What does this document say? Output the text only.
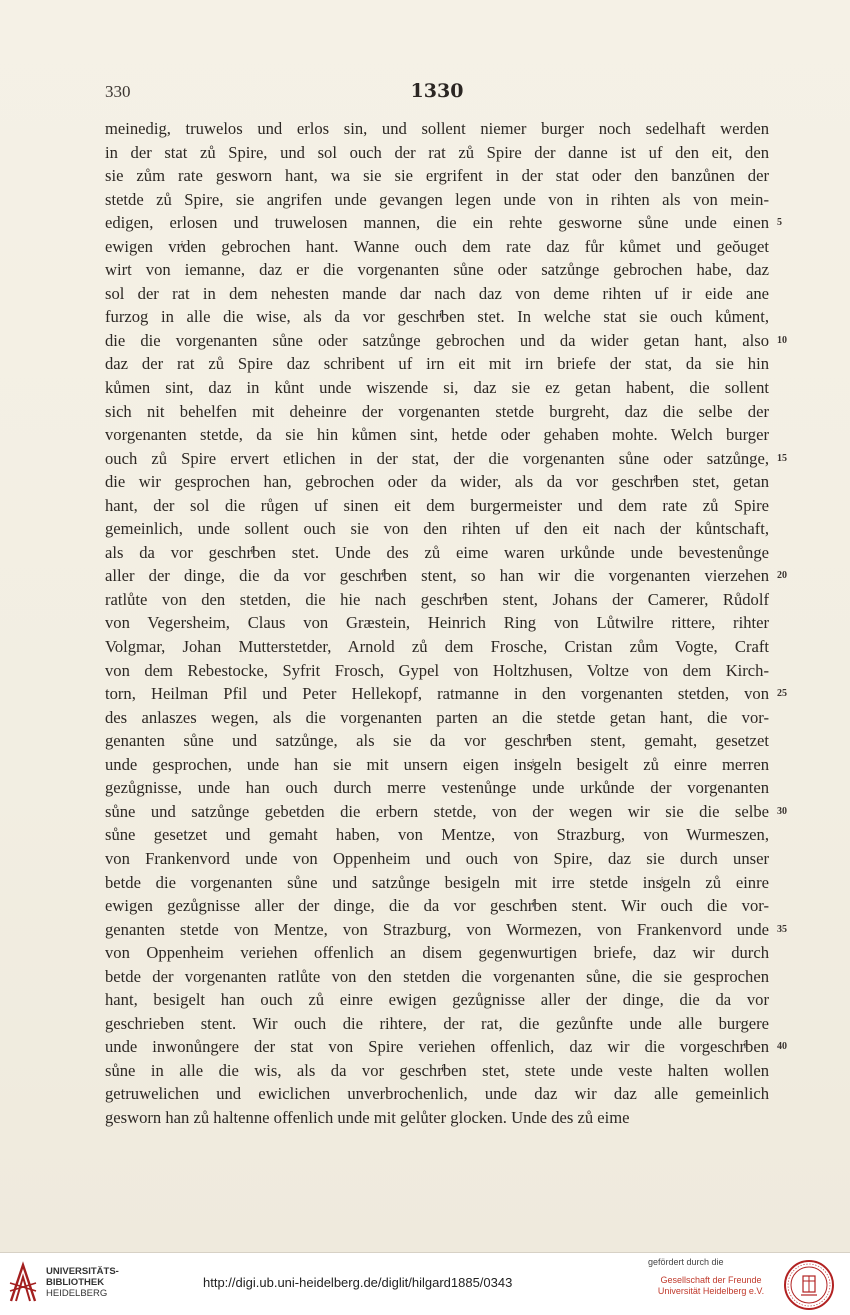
330	1330
meinedig, truwelos und erlos sin, und sollent niemer burger noch sedelhaft werden
in der stat zů Spire, und sol ouch der rat zů Spire der danne ist uf den eit, den
sie zům rate gesworn hant, wa sie sie ergrifent in der stat oder den banzůnen der
stetde zů Spire, sie angrifen unde gevangen legen unde von in rihten als von mein-
edigen, erlosen und truwelosen mannen, die ein rehte gesworne sůne unde einen
ewigen vrͥden gebrochen hant. Wanne ouch dem rate daz fůr kůmet und geŏuget
wirt von iemanne, daz er die vorgenanten sůne oder satzůnge gebrochen habe, daz
sol der rat in dem nehesten mande dar nach daz von deme rihten uf ir eide ane
furzog in alle die wise, als da vor geschrͥben stet. In welche stat sie ouch kůment,
die die vorgenanten sůne oder satzůnge gebrochen und da wider getan hant, also
daz der rat zů Spire daz schribent uf irn eit mit irn briefe der stat, da sie hin
kůmen sint, daz in kůnt unde wiszende si, daz sie ez getan habent, die sollent
sich nit behelfen mit deheinre der vorgenanten stetde burgreht, daz die selbe der
vorgenanten stetde, da sie hin kůmen sint, hetde oder gehaben mohte. Welch burger
ouch zů Spire ervert etlichen in der stat, der die vorgenanten sůne oder satzůnge,
die wir gesprochen han, gebrochen oder da wider, als da vor geschrͥben stet, getan
hant, der sol die růgen uf sinen eit dem burgermeister und dem rate zů Spire
gemeinlich, unde sollent ouch sie von den rihten uf den eit nach der kůntschaft,
als da vor geschrͥben stet. Unde des zů eime waren urkůnde unde bevestenůnge
aller der dinge, die da vor geschrͥben stent, so han wir die vorgenanten vierzehen
ratlůte von den stetden, die hie nach geschrͥben stent, Johans der Camerer, Růdolf
von Vegersheim, Claus von Græstein, Heinrich Ring von Lůtwilre rittere, rihter
Volgmar, Johan Mutterstetder, Arnold zů dem Frosche, Cristan zům Vogte, Craft
von dem Rebestocke, Syfrit Frosch, Gypel von Holtzhusen, Voltze von dem Kirch-
torn, Heilman Pfil und Peter Hellekopf, ratmanne in den vorgenanten stetden, von
des anlaszes wegen, als die vorgenanten parten an die stetde getan hant, die vor-
genanten sůne und satzůnge, als sie da vor geschrͥben stent, gemaht, gesetzet
unde gesprochen, unde han sie mit unsern eigen insͥgeln besigelt zů einre merren
gezůgnisse, unde han ouch durch merre vestenůnge unde urkůnde der vorgenanten
sůne und satzůnge gebetden die erbern stetde, von der wegen wir sie die selbe
sůne gesetzet und gemaht haben, von Mentze, von Strazburg, von Wurmeszen,
von Frankenvord unde von Oppenheim und ouch von Spire, daz sie durch unser
betde die vorgenanten sůne und satzůnge besigeln mit irre stetde insͥgeln zů einre
ewigen gezůgnisse aller der dinge, die da vor geschrͥben stent. Wir ouch die vor-
genanten stetde von Mentze, von Strazburg, von Wormezen, von Frankenvord unde
von Oppenheim veriehen offenlich an disem gegenwurtigen briefe, daz wir durch
betde der vorgenanten ratlůte von den stetden die vorgenanten sůne, die sie gesprochen
hant, besigelt han ouch zů einre ewigen gezůgnisse aller der dinge, die da vor
geschrieben stent. Wir ouch die rihtere, der rat, die gezůnfte unde alle burgere
unde inwonůngere der stat von Spire veriehen offenlich, daz wir die vorgeschrͥben
sůne in alle die wis, als da vor geschrͥben stet, stete unde veste halten wollen
getruwelichen und ewiclichen unverbrochenlich, unde daz wir daz alle gemeinlich
gesworn han zů haltenne offenlich unde mit gelůter glocken. Unde des zů eime
5
10
15
20
25
30
35
40
UNIVERSITÄTS-
BIBLIOTHEK
HEIDELBERG
http://digi.ub.uni-heidelberg.de/diglit/hilgard1885/0343
gefördert durch die
Gesellschaft der Freunde
Universität Heidelberg e.V.
